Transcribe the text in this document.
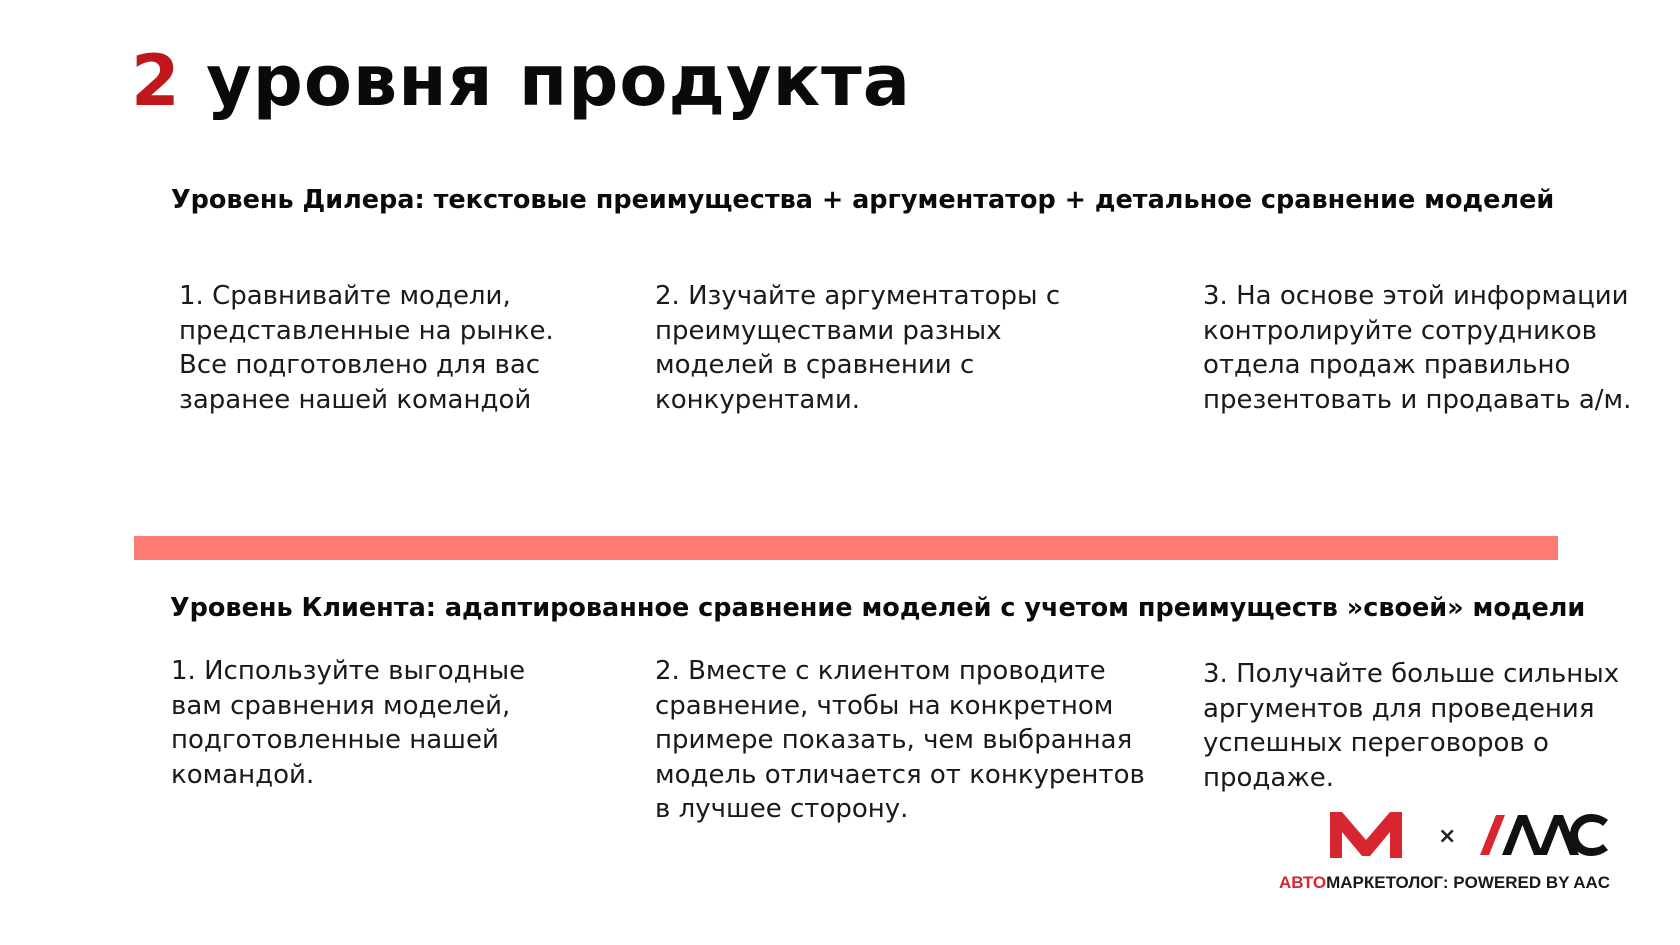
2 уровня продукта

Уровень Дилера: текстовые преимущества + аргументатор + детальное сравнение моделей

1. Сравнивайте модели,
представленные на рынке.
Все подготовлено для вас
заранее нашей командой

2. Изучайте аргументаторы с
преимуществами разных
моделей в сравнении с
конкурентами.

3. На основе этой информации
контролируйте сотрудников
отдела продаж правильно
презентовать и продавать а/м.

Уровень Клиента: адаптированное сравнение моделей с учетом преимуществ »своей» модели

1. Используйте выгодные
вам сравнения моделей,
подготовленные нашей
командой.

2. Вместе с клиентом проводите
сравнение, чтобы на конкретном
примере показать, чем выбранная
модель отличается от конкурентов
в лучшее сторону.

3. Получайте больше сильных
аргументов для проведения
успешных переговоров о
продаже.

×
АВТОМАРКЕТОЛОГ: POWERED BY AAC
